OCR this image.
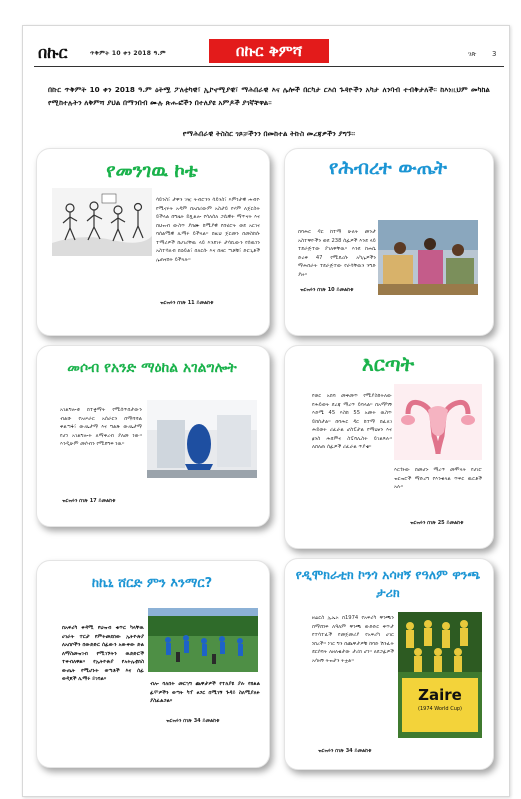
በኩር	ጥቅምት 10 ቀን 2018 ዓ.ም	በኩር ቅምሻ	ገጽ 3
በኩር ጥቅምት 10 ቀን 2018 ዓ.ም ዕትሟ ፖለቲካዊ፣ ኢኮኖሚያዊ፣ ማሕበራዊ እና ሌሎች በርካታ ርእሰ ጉዳዮችን አካታ ለንባብ ተብቅታለች። ከእነዚህም መካከል የሚከተሉትን ለቅምሻ ያህል በማንበብ ሙሉ ጽሑፎችን በተለያዩ አምዶች ያገኛቸዋል።
የማሕበራዊ ትስስር ገጾቻችንን በመከተል ትኩስ መረጃዎችን ያግኙ።
የመንገዉ ኮቴ
ሳይንስ፣ ታዋን ገዢ ትብሮንን ሳይንስ፣ እምነታዊ ሐብዮ የሚኖሩት አዳም በአበሪውም አስታይ የሃም ለጀርስት ይችላል በግዜት ይጿልሎ የሳለሰለ ጋሲዊት ማጥናት እና በህዝብ ውስጥ ያክሙ ከሚያዊ የበሂሮት ወደ አርገና ባሰልሚዊ ሊማሩ ይችላል። በዚህ ጀርመን በመስከሱ ተማሪዎች ከሀገሪቸዉ ላይ እንደገሩ ታሳቢውን የሰዉነን አስተሳለብ በኃይል፣ በለርሱ እና በዘር ጣቶቹ፣ ድርጊቶች ሌጠናበት ይችላሉ።
ዝርዝሩን በገጽ 11 ይመልከቱ
የሕብረተ ውጤት
በባሕር ዳር ከተማ ሁለት መንታ አስተዋዮችን ወደ 238 ሰፊዎች እንደ ላይ ተደራጅተው ያገለዋቸዉ። እንደ ከሐሴ ድረቀ 47 የሚደረሱ አካሌዎችን ማሕበራት ተደራጅተው የራሳቸዉን ንግድ ያዙ።
ዝርዝሩን በገጽ 10 ይመልከቱ
መሶብ የአንድ ማዕከል አገልግሎት
አገልግሎቱ በተቋማት የሚሰጥበታውን ብልሹ የአሠራር አሰራርን በማሻሻል ቀልጣፋ፣ ውጤታማ እና ግልጽ ውጤታማ የሆነ አገልግሎት ለማቅረብ ያለመ ነው። እንዲሁም መሶብን የሚደግፍ ነዉ።
ዝርዝሩን በገጽ 17 ይመልከቱ
እርጣት
የወር አበባ መቀመጥ የሚያስከትለው የሕይወት ደረጃ ማረጥ ይባላል። በአማካኝ እድሜ 45 እስከ 55 አመት ዉስጥ ይከሰታል። በባሕር ዳር ከተማ በፈለገ ሕይወት ሪፈራል ሆስፒታል የማህፀን እና ፅንስ ሕክምና ስፔሻሊስት ይገልጻሉ። ለበለጠ ሰፊዎች ሪፈራል ጥያቄ።
እርጎኑው በመሆኑ ማረጥ መሞላት የሀገሮ ዝርዝሮች ማድረግ የእንቁላል ጥፍር ዉርቶች አሉ።
ዝርዝሩን በገጽ 25 ይመልከቱ
ከኬኒ ሸርድ ምን እንማር?
በአፍሪካ ቀዳሚ የህዝብ ቁጥር ካላቸዉ ሀገራት ተርታ የምትመደበው ኢትዮጵያ ለአበቦችን በውድድር ሰፊውን አውቀው ድል ለማስመዝገብ የሚገኙትን ዉድድሮች ተቀብለዋል። የኢትዮጵያ የአትሌቲክስ ውጤት የሚሆኑት ወጣቶች እና ሰፊ ወዳጆች ሊማሩ ይገባል።
ብሎ ባለበት መርኀግ ጨዋታዎች የተለያዩ ያሉ የክልል ፊሞዎችን ወጣት ካፕ ፀጋር በሚገኝ ጉዳይ ስለሚያለፉ ያስፈልጋል።
ዝርዝሩን በገጽ 34 ይመልከቱ
የዲሞክራቲክ ኮንጎ አሳዛኝ የዓለም ዋንጫ ታሪክ
ዘሬርስ ኢኤኦ በ1974 የአፍሪካ ዋንጫን በማሸነፍ ለዓለም ዋንጫ ውድድር ቀጥታ የተሳተፈች የመጀመሪያ የአፍሪካ ሀገር ነበረች። ነገር ግን በጨዋታዎቹ ከባድ ሽንፈት ደርሶባት ለዘለቄታው ታሪክ ሆነ። ለደጋፊዎች አሳዛኝ ትዝታን ትቷል።
Zaire
(1974 World Cup)
ዝርዝሩን በገጽ 34 ይመልከቱ
